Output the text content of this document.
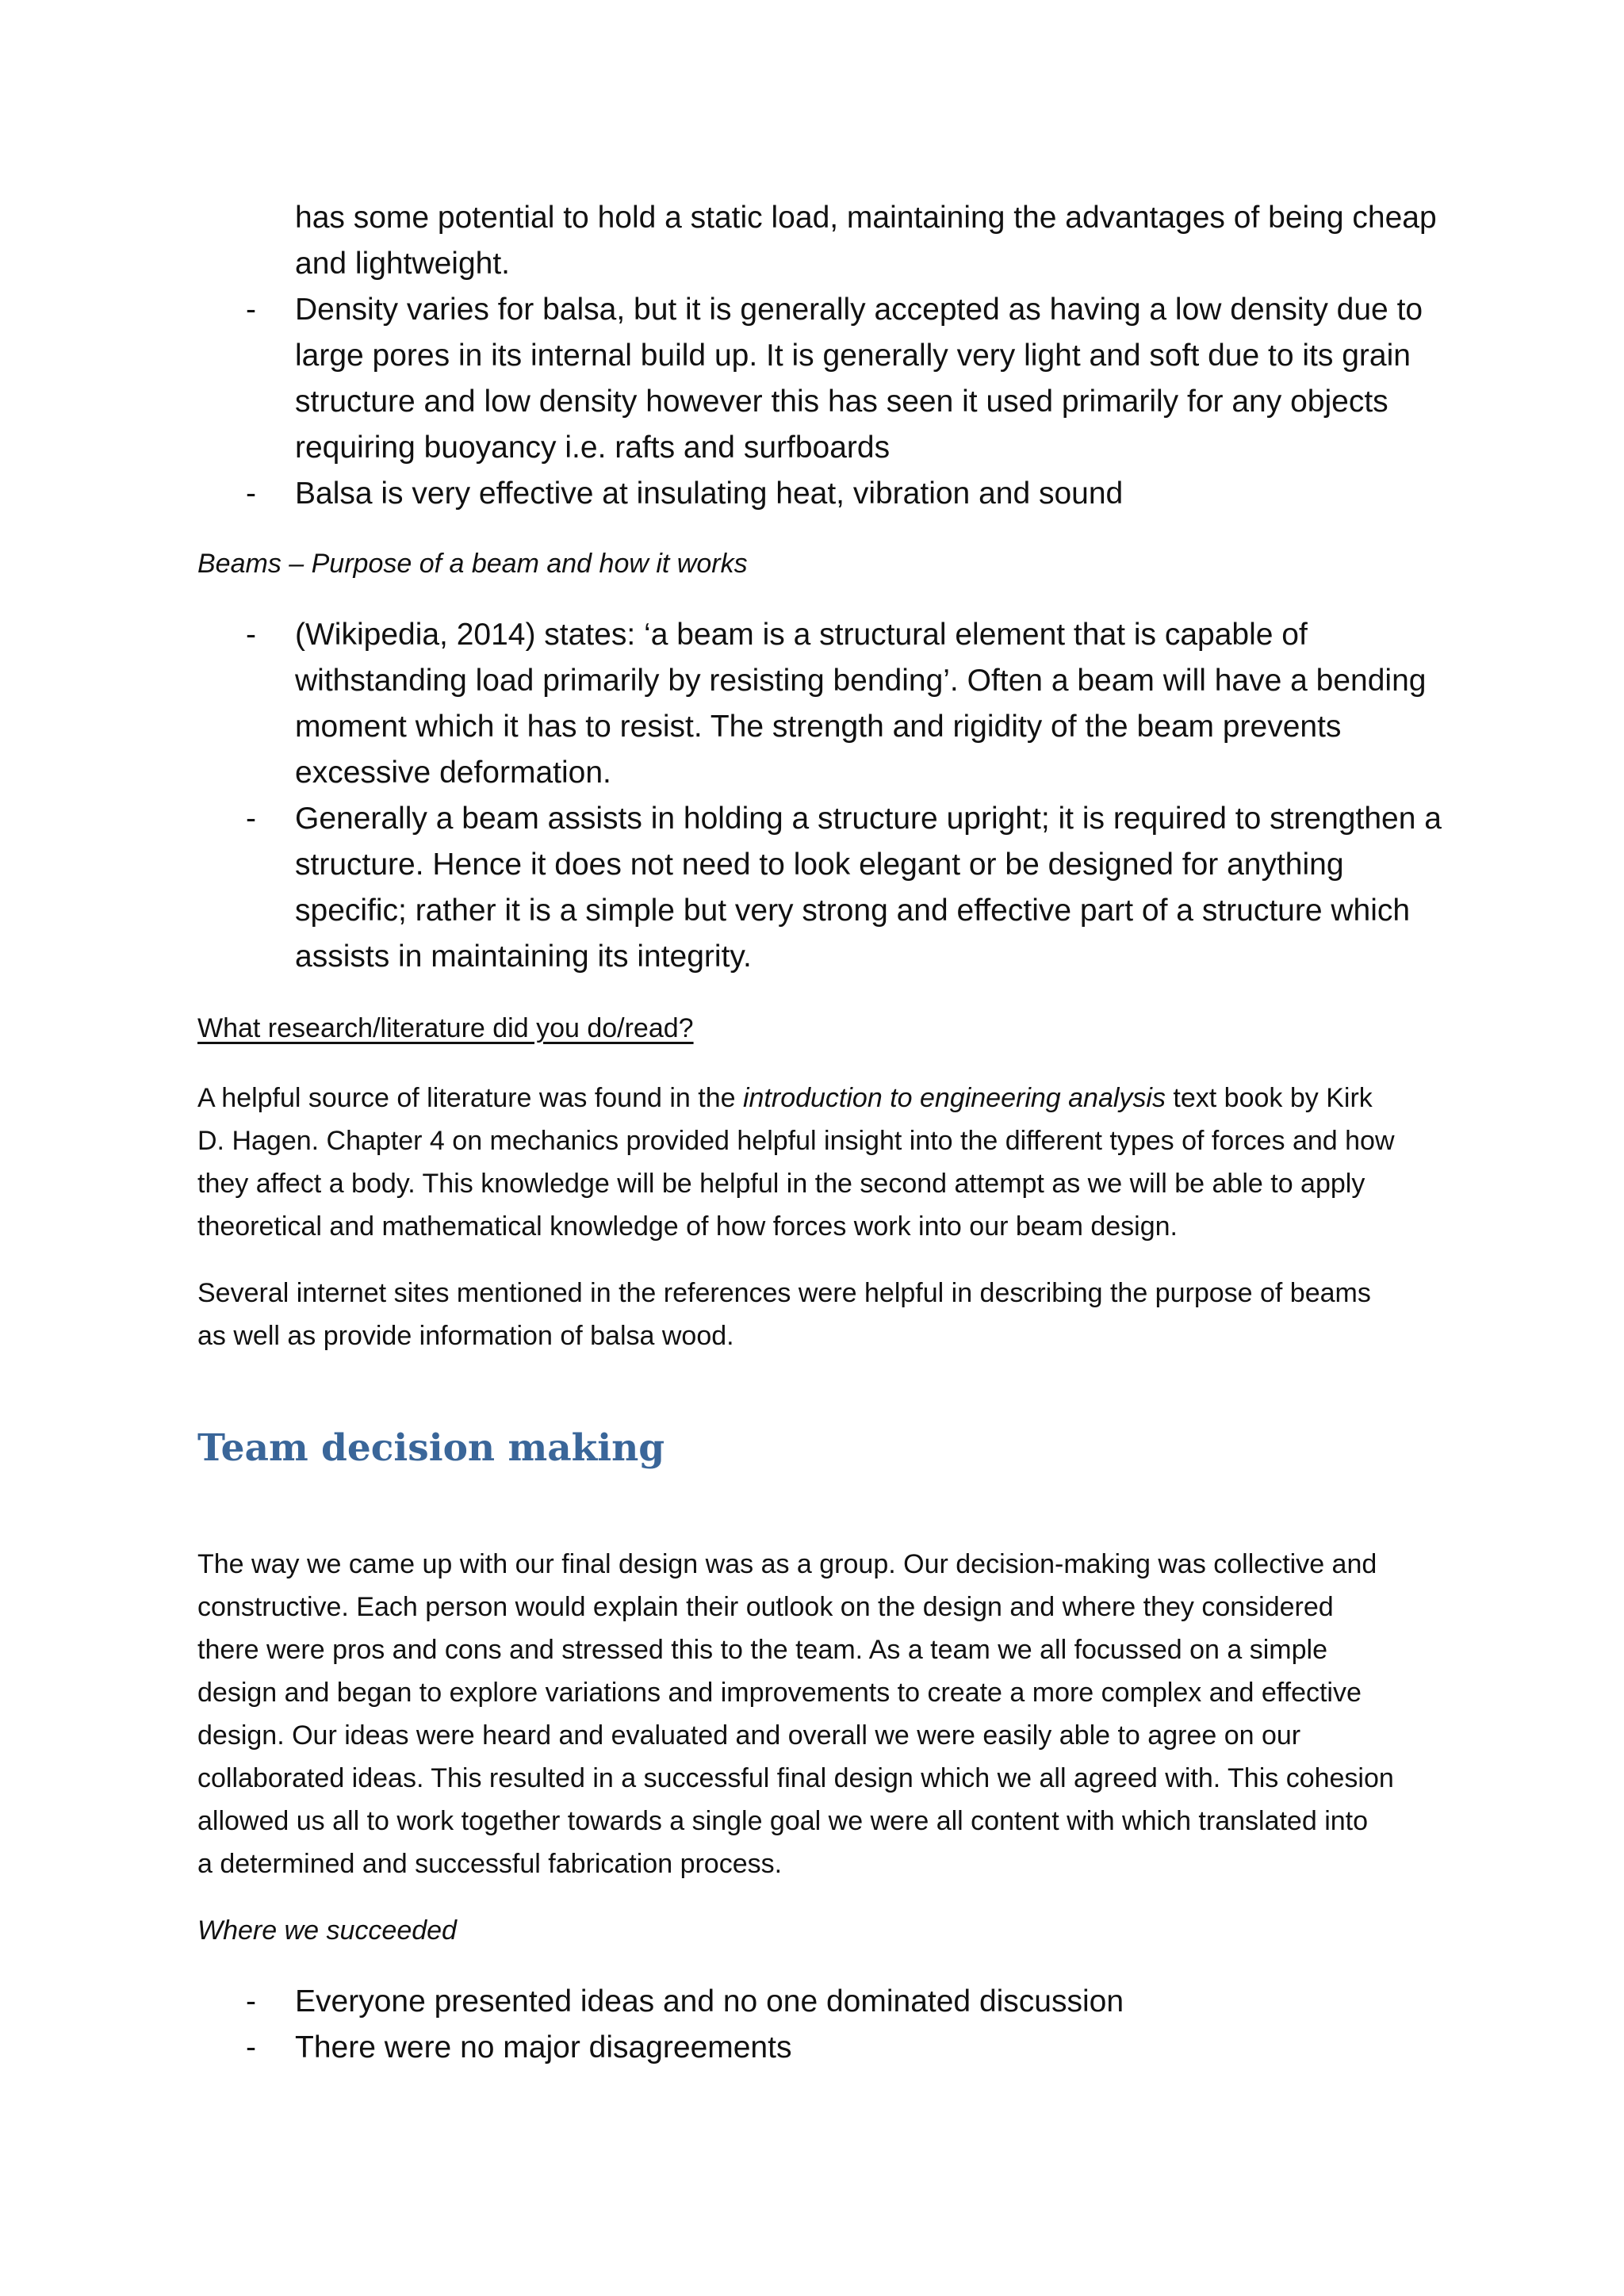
has some potential to hold a static load, maintaining the advantages of being cheap
and lightweight.
-	Density varies for balsa, but it is generally accepted as having a low density due to
large pores in its internal build up. It is generally very light and soft due to its grain
structure and low density however this has seen it used primarily for any objects
requiring buoyancy i.e. rafts and surfboards
-	Balsa is very effective at insulating heat, vibration and sound
Beams – Purpose of a beam and how it works
-	(Wikipedia, 2014) states: ‘a beam is a structural element that is capable of
withstanding load primarily by resisting bending’. Often a beam will have a bending
moment which it has to resist. The strength and rigidity of the beam prevents
excessive deformation.
-	Generally a beam assists in holding a structure upright; it is required to strengthen a
structure. Hence it does not need to look elegant or be designed for anything
specific; rather it is a simple but very strong and effective part of a structure which
assists in maintaining its integrity.
What research/literature did you do/read?
A helpful source of literature was found in the introduction to engineering analysis text book by Kirk
D. Hagen. Chapter 4 on mechanics provided helpful insight into the different types of forces and how
they affect a body. This knowledge will be helpful in the second attempt as we will be able to apply
theoretical and mathematical knowledge of how forces work into our beam design.
Several internet sites mentioned in the references were helpful in describing the purpose of beams
as well as provide information of balsa wood.
Team decision making
The way we came up with our final design was as a group. Our decision-making was collective and
constructive. Each person would explain their outlook on the design and where they considered
there were pros and cons and stressed this to the team. As a team we all focussed on a simple
design and began to explore variations and improvements to create a more complex and effective
design. Our ideas were heard and evaluated and overall we were easily able to agree on our
collaborated ideas. This resulted in a successful final design which we all agreed with. This cohesion
allowed us all to work together towards a single goal we were all content with which translated into
a determined and successful fabrication process.
Where we succeeded
-	Everyone presented ideas and no one dominated discussion
-	There were no major disagreements
